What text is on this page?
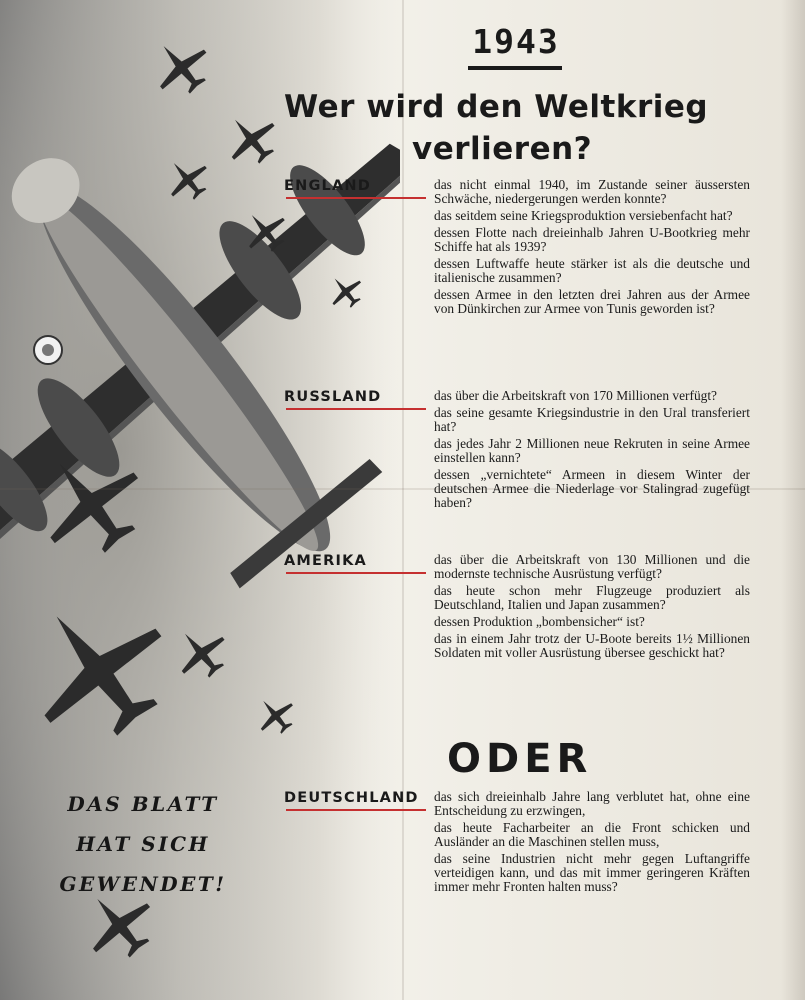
1943
Wer wird den Weltkrieg
verlieren?
ENGLAND	das nicht einmal 1940, im Zustande seiner äussersten Schwäche, niedergerungen werden konnte?
das seitdem seine Kriegsproduktion versiebenfacht hat?
dessen Flotte nach dreieinhalb Jahren U-Bootkrieg mehr Schiffe hat als 1939?
dessen Luftwaffe heute stärker ist als die deutsche und italienische zusammen?
dessen Armee in den letzten drei Jahren aus der Armee von Dünkirchen zur Armee von Tunis geworden ist?
RUSSLAND	das über die Arbeitskraft von 170 Millionen verfügt?
das seine gesamte Kriegsindustrie in den Ural transferiert hat?
das jedes Jahr 2 Millionen neue Rekruten in seine Armee einstellen kann?
dessen „vernichtete“ Armeen in diesem Winter der deutschen Armee die Niederlage vor Stalingrad zugefügt haben?
AMERIKA	das über die Arbeitskraft von 130 Millionen und die modernste technische Ausrüstung verfügt?
das heute schon mehr Flugzeuge produziert als Deutschland, Italien und Japan zusammen?
dessen Produktion „bombensicher“ ist?
das in einem Jahr trotz der U-Boote bereits 1½ Millionen Soldaten mit voller Ausrüstung übersee geschickt hat?
ODER
DEUTSCHLAND	das sich dreieinhalb Jahre lang verblutet hat, ohne eine Entscheidung zu erzwingen,
das heute Facharbeiter an die Front schicken und Ausländer an die Maschinen stellen muss,
das seine Industrien nicht mehr gegen Luftangriffe verteidigen kann, und das mit immer geringeren Kräften immer mehr Fronten halten muss?

DAS BLATT
HAT SICH
GEWENDET!
